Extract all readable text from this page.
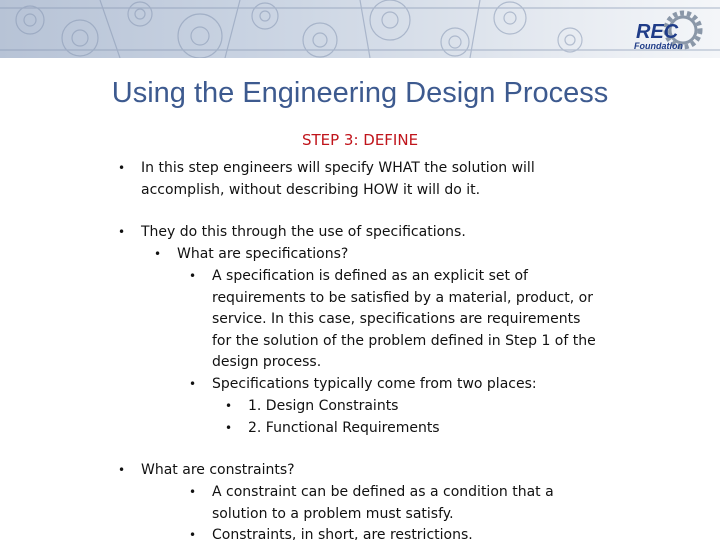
REC
Foundation
Using the Engineering Design Process
STEP 3: DEFINE
• In this step engineers will specify WHAT the solution will
accomplish, without describing HOW it will do it.
• They do this through the use of specifications.
• What are specifications?
• A specification is defined as an explicit set of
requirements to be satisfied by a material, product, or
service. In this case, specifications are requirements
for the solution of the problem defined in Step 1 of the
design process.
• Specifications typically come from two places:
• 1. Design Constraints
• 2. Functional Requirements
• What are constraints?
• A constraint can be defined as a condition that a
solution to a problem must satisfy.
• Constraints, in short, are restrictions.
